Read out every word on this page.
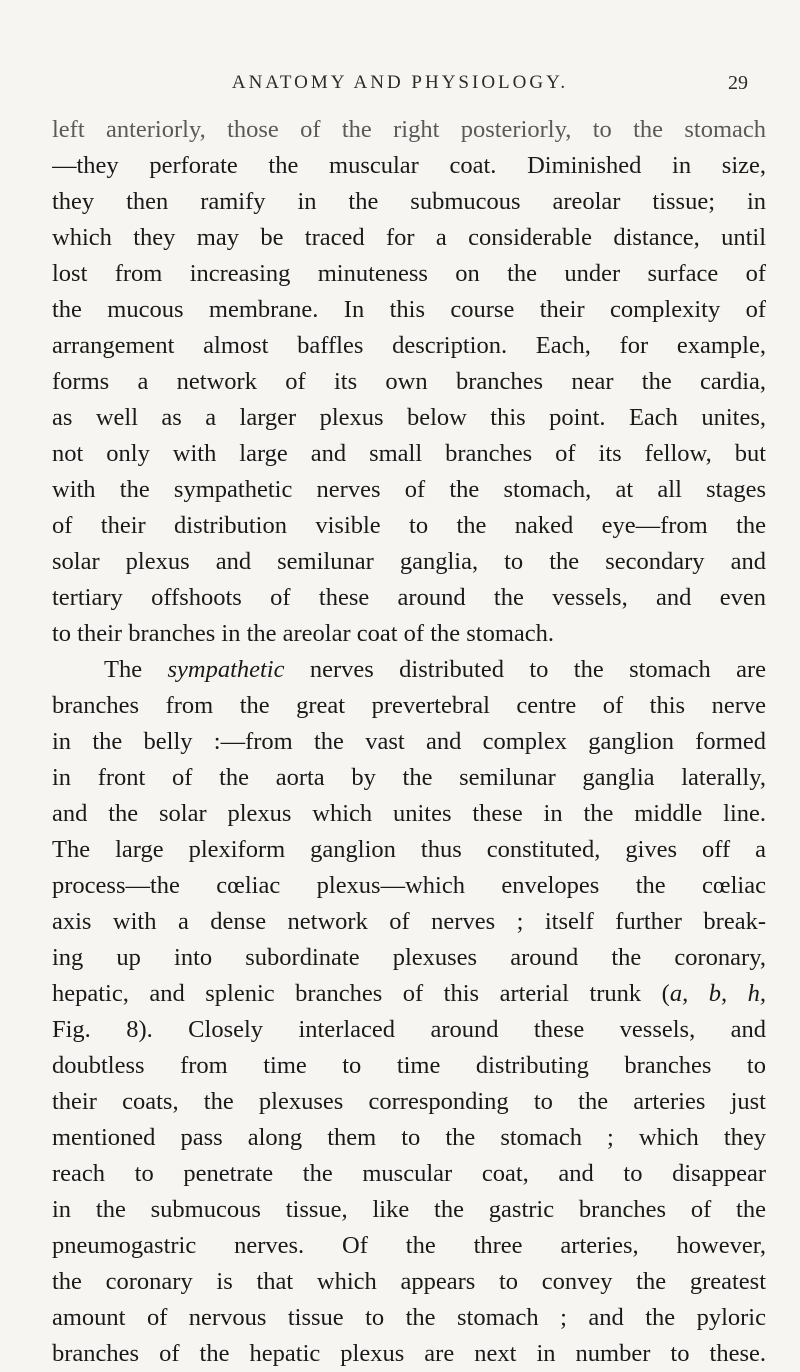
ANATOMY AND PHYSIOLOGY.	29
left anteriorly, those of the right posteriorly, to the stomach
—they perforate the muscular coat. Diminished in size,
they then ramify in the submucous areolar tissue; in
which they may be traced for a considerable distance, until
lost from increasing minuteness on the under surface of
the mucous membrane. In this course their complexity of
arrangement almost baffles description. Each, for example,
forms a network of its own branches near the cardia,
as well as a larger plexus below this point. Each unites,
not only with large and small branches of its fellow, but
with the sympathetic nerves of the stomach, at all stages
of their distribution visible to the naked eye—from the
solar plexus and semilunar ganglia, to the secondary and
tertiary offshoots of these around the vessels, and even
to their branches in the areolar coat of the stomach.
The sympathetic nerves distributed to the stomach are
branches from the great prevertebral centre of this nerve
in the belly :—from the vast and complex ganglion formed
in front of the aorta by the semilunar ganglia laterally,
and the solar plexus which unites these in the middle line.
The large plexiform ganglion thus constituted, gives off a
process—the cœliac plexus—which envelopes the cœliac
axis with a dense network of nerves ; itself further break-
ing up into subordinate plexuses around the coronary,
hepatic, and splenic branches of this arterial trunk (a, b, h,
Fig. 8). Closely interlaced around these vessels, and
doubtless from time to time distributing branches to
their coats, the plexuses corresponding to the arteries just
mentioned pass along them to the stomach ; which they
reach to penetrate the muscular coat, and to disappear
in the submucous tissue, like the gastric branches of the
pneumogastric nerves. Of the three arteries, however,
the coronary is that which appears to convey the greatest
amount of nervous tissue to the stomach ; and the pyloric
branches of the hepatic plexus are next in number to these.
